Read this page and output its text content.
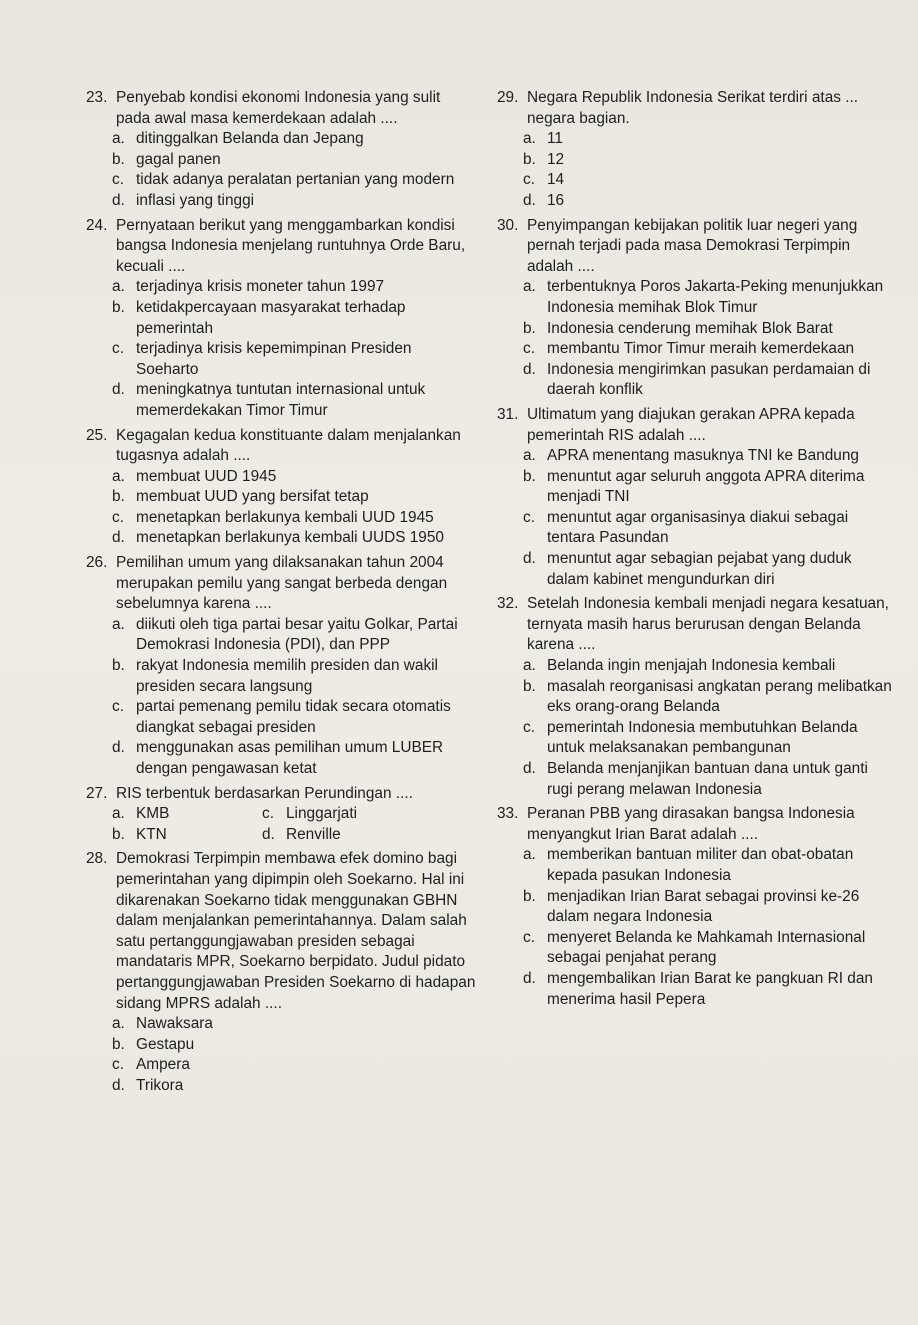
23. Penyebab kondisi ekonomi Indonesia yang sulit pada awal masa kemerdekaan adalah ....
a. ditinggalkan Belanda dan Jepang
b. gagal panen
c. tidak adanya peralatan pertanian yang modern
d. inflasi yang tinggi
24. Pernyataan berikut yang menggambarkan kondisi bangsa Indonesia menjelang runtuhnya Orde Baru, kecuali ....
a. terjadinya krisis moneter tahun 1997
b. ketidakpercayaan masyarakat terhadap pemerintah
c. terjadinya krisis kepemimpinan Presiden Soeharto
d. meningkatnya tuntutan internasional untuk memerdekakan Timor Timur
25. Kegagalan kedua konstituante dalam menjalankan tugasnya adalah ....
a. membuat UUD 1945
b. membuat UUD yang bersifat tetap
c. menetapkan berlakunya kembali UUD 1945
d. menetapkan berlakunya kembali UUDS 1950
26. Pemilihan umum yang dilaksanakan tahun 2004 merupakan pemilu yang sangat berbeda dengan sebelumnya karena ....
a. diikuti oleh tiga partai besar yaitu Golkar, Partai Demokrasi Indonesia (PDI), dan PPP
b. rakyat Indonesia memilih presiden dan wakil presiden secara langsung
c. partai pemenang pemilu tidak secara otomatis diangkat sebagai presiden
d. menggunakan asas pemilihan umum LUBER dengan pengawasan ketat
27. RIS terbentuk berdasarkan Perundingan ....
a. KMB	c. Linggarjati
b. KTN	d. Renville
28. Demokrasi Terpimpin membawa efek domino bagi pemerintahan yang dipimpin oleh Soekarno. Hal ini dikarenakan Soekarno tidak menggunakan GBHN dalam menjalankan pemerintahannya. Dalam salah satu pertanggungjawaban presiden sebagai mandataris MPR, Soekarno berpidato. Judul pidato pertanggungjawaban Presiden Soekarno di hadapan sidang MPRS adalah ....
a. Nawaksara
b. Gestapu
c. Ampera
d. Trikora
29. Negara Republik Indonesia Serikat terdiri atas ... negara bagian.
a. 11
b. 12
c. 14
d. 16
30. Penyimpangan kebijakan politik luar negeri yang pernah terjadi pada masa Demokrasi Terpimpin adalah ....
a. terbentuknya Poros Jakarta-Peking menunjukkan Indonesia memihak Blok Timur
b. Indonesia cenderung memihak Blok Barat
c. membantu Timor Timur meraih kemerdekaan
d. Indonesia mengirimkan pasukan perdamaian di daerah konflik
31. Ultimatum yang diajukan gerakan APRA kepada pemerintah RIS adalah ....
a. APRA menentang masuknya TNI ke Bandung
b. menuntut agar seluruh anggota APRA diterima menjadi TNI
c. menuntut agar organisasinya diakui sebagai tentara Pasundan
d. menuntut agar sebagian pejabat yang duduk dalam kabinet mengundurkan diri
32. Setelah Indonesia kembali menjadi negara kesatuan, ternyata masih harus berurusan dengan Belanda karena ....
a. Belanda ingin menjajah Indonesia kembali
b. masalah reorganisasi angkatan perang melibatkan eks orang-orang Belanda
c. pemerintah Indonesia membutuhkan Belanda untuk melaksanakan pembangunan
d. Belanda menjanjikan bantuan dana untuk ganti rugi perang melawan Indonesia
33. Peranan PBB yang dirasakan bangsa Indonesia menyangkut Irian Barat adalah ....
a. memberikan bantuan militer dan obat-obatan kepada pasukan Indonesia
b. menjadikan Irian Barat sebagai provinsi ke-26 dalam negara Indonesia
c. menyeret Belanda ke Mahkamah Internasional sebagai penjahat perang
d. mengembalikan Irian Barat ke pangkuan RI dan menerima hasil Pepera
